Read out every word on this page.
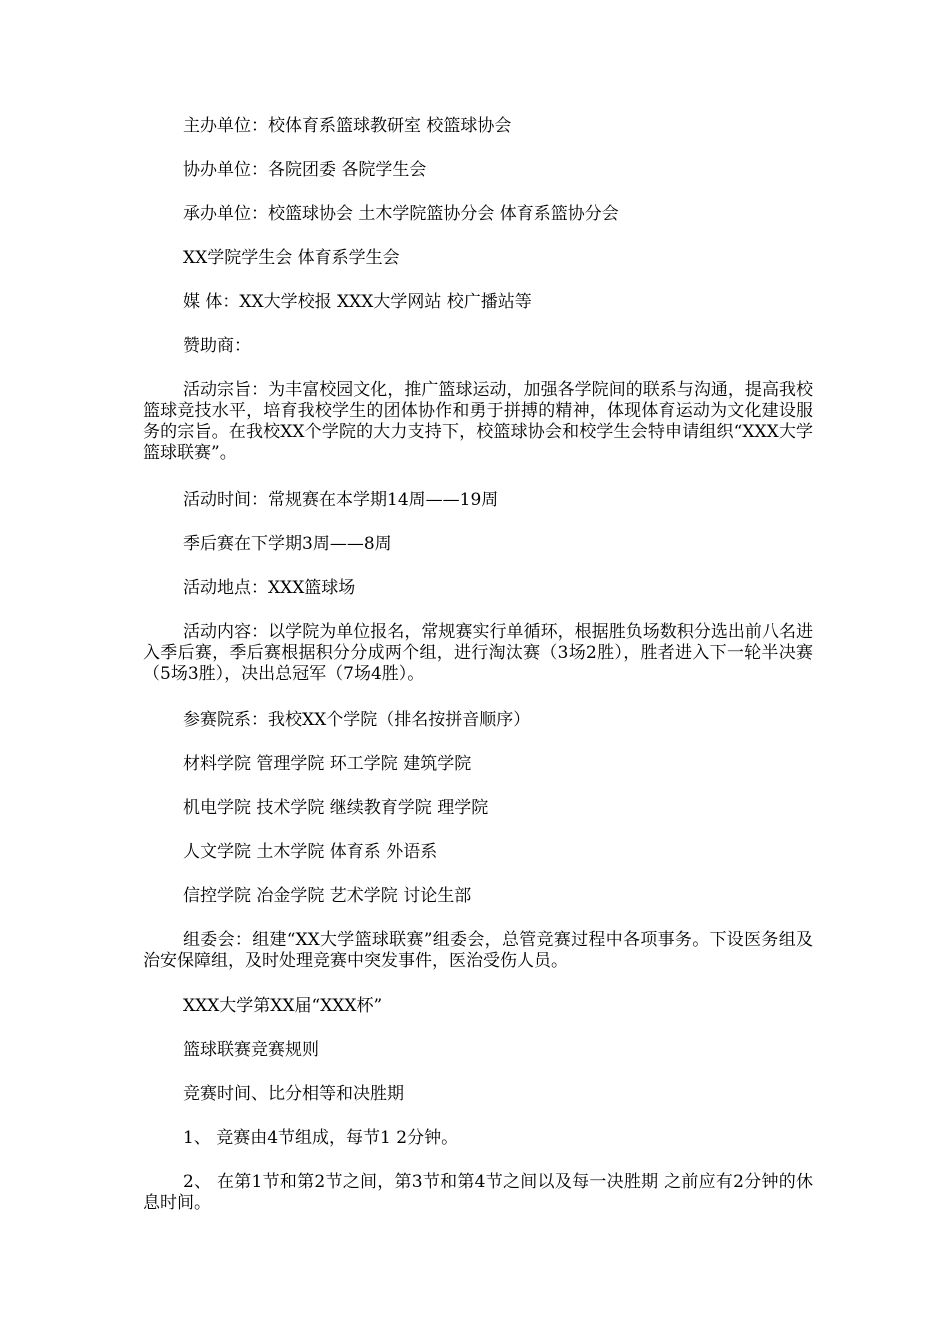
主办单位：校体育系篮球教研室 校篮球协会

协办单位：各院团委 各院学生会

承办单位：校篮球协会 土木学院篮协分会 体育系篮协分会

XX学院学生会 体育系学生会

媒 体：XX大学校报 XXX大学网站 校广播站等

赞助商：

活动宗旨：为丰富校园文化，推广篮球运动，加强各学院间的联系与沟通，提高我校篮球竞技水平，培育我校学生的团体协作和勇于拼搏的精神，体现体育运动为文化建设服务的宗旨。在我校XX个学院的大力支持下，校篮球协会和校学生会特申请组织“XXX大学篮球联赛”。

活动时间：常规赛在本学期14周——19周

季后赛在下学期3周——8周

活动地点：XXX篮球场

活动内容：以学院为单位报名，常规赛实行单循环，根据胜负场数积分选出前八名进入季后赛，季后赛根据积分分成两个组，进行淘汰赛（3场2胜），胜者进入下一轮半决赛（5场3胜），决出总冠军（7场4胜）。

参赛院系：我校XX个学院（排名按拼音顺序）

材料学院 管理学院 环工学院 建筑学院

机电学院 技术学院 继续教育学院 理学院

人文学院 土木学院 体育系 外语系

信控学院 冶金学院 艺术学院 讨论生部

组委会：组建“XX大学篮球联赛”组委会，总管竞赛过程中各项事务。下设医务组及治安保障组，及时处理竞赛中突发事件，医治受伤人员。

XXX大学第XX届“XXX杯”

篮球联赛竞赛规则

竞赛时间、比分相等和决胜期

1、 竞赛由4节组成，每节1 2分钟。

2、 在第1节和第2节之间，第3节和第4节之间以及每一决胜期 之前应有2分钟的休息时间。
